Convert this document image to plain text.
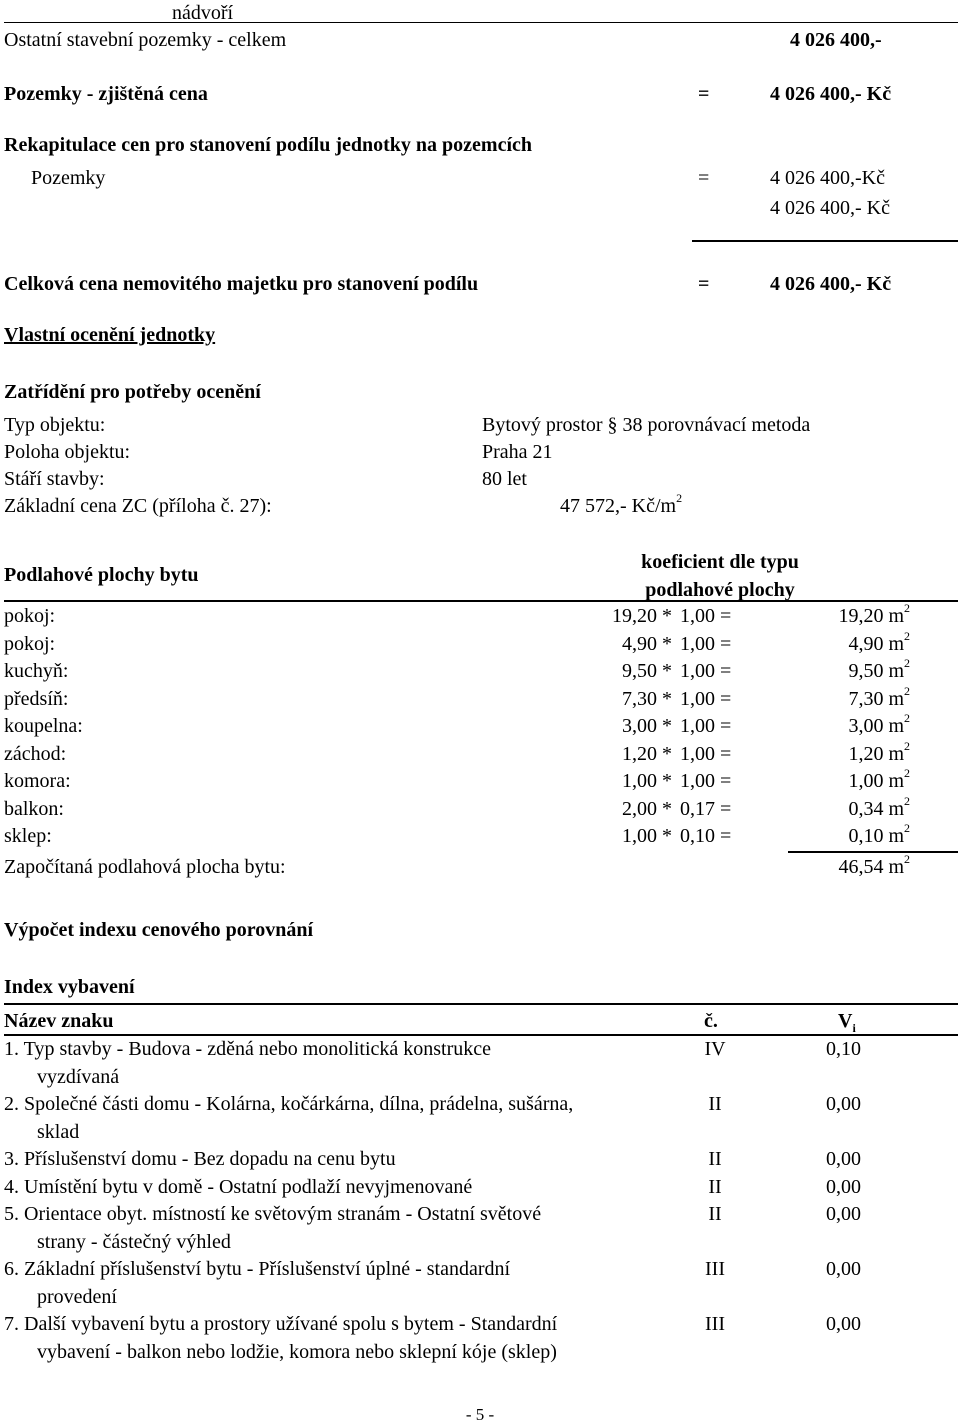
nádvoří
Ostatní stavební pozemky - celkem	4 026 400,-
Pozemky - zjištěná cena	=	4 026 400,- Kč
Rekapitulace cen pro stanovení podílu jednotky na pozemcích
Pozemky	=	4 026 400,-Kč
4 026 400,- Kč
Celková cena nemovitého majetku pro stanovení podílu	=	4 026 400,- Kč
Vlastní ocenění jednotky
Zatřídění pro potřeby ocenění
Typ objektu:	Bytový prostor § 38 porovnávací metoda
Poloha objektu:	Praha 21
Stáří stavby:	80 let
Základní cena ZC (příloha č. 27):	47 572,- $Kč/m^2$
Podlahové plochy bytu
koeficient dle typu
podlahové plochy
pokoj:	19,20 * 1,00 =	19,20 $m^2$
pokoj:	4,90 * 1,00 =	4,90 $m^2$
kuchyň:	9,50 * 1,00 =	9,50 $m^2$
předsíň:	7,30 * 1,00 =	7,30 $m^2$
koupelna:	3,00 * 1,00 =	3,00 $m^2$
záchod:	1,20 * 1,00 =	1,20 $m^2$
komora:	1,00 * 1,00 =	1,00 $m^2$
balkon:	2,00 * 0,17 =	0,34 $m^2$
sklep:	1,00 * 0,10 =	0,10 $m^2$
Započítaná podlahová plocha bytu:	46,54 $m^2$
Výpočet indexu cenového porovnání
Index vybavení
Název znaku	č.	$V_i$
1. Typ stavby - Budova - zděná nebo monolitická konstrukce	IV	0,10
vyzdívaná
2. Společné části domu - Kolárna, kočárkárna, dílna, prádelna, sušárna,	II	0,00
sklad
3. Příslušenství domu - Bez dopadu na cenu bytu	II	0,00
4. Umístění bytu v domě - Ostatní podlaží nevyjmenované	II	0,00
5. Orientace obyt. místností ke světovým stranám - Ostatní světové	II	0,00
strany - částečný výhled
6. Základní příslušenství bytu - Příslušenství úplné - standardní	III	0,00
provedení
7. Další vybavení bytu a prostory užívané spolu s bytem - Standardní	III	0,00
vybavení - balkon nebo lodžie, komora nebo sklepní kóje (sklep)
- 5 -
